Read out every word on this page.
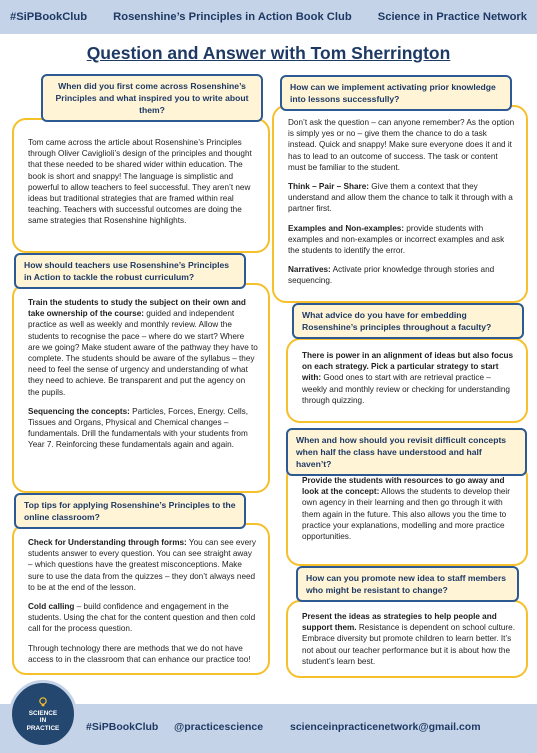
#SiPBookClub Rosenshine’s Principles in Action Book Club Science in Practice Network
Question and Answer with Tom Sherrington
When did you first come across Rosenshine’s Principles and what inspired you to write about them?

Tom came across the article about Rosenshine’s Principles through Oliver Caviglioli’s design of the principles and thought that these needed to be shared wider within education. The book is short and snappy! The language is simplistic and powerful to allow teachers to feel successful. They aren’t new ideas but traditional strategies that are framed within real teaching. Teachers with successful outcomes are doing the same strategies that Rosenshine highlights.

How should teachers use Rosenshine’s Principles in Action to tackle the robust curriculum?

Train the students to study the subject on their own and take ownership of the course: guided and independent practice as well as weekly and monthly review. Allow the students to recognise the pace – where do we start? Where are we going? Make student aware of the pathway they have to complete. The students should be aware of the syllabus – they need to feel the sense of urgency and understanding of what they need to achieve. Be transparent and put the agency on the pupils.

Sequencing the concepts: Particles, Forces, Energy. Cells, Tissues and Organs, Physical and Chemical changes – fundamentals. Drill the fundamentals with your students from Year 7. Reinforcing these fundamentals again and again.

Top tips for applying Rosenshine’s Principles to the online classroom?

Check for Understanding through forms: You can see every students answer to every question. You can see straight away – which questions have the greatest misconceptions. Make sure to use the data from the quizzes – they don’t always need to be at the end of the lesson.

Cold calling – build confidence and engagement in the students. Using the chat for the content question and then cold call for the process question.

Through technology there are methods that we do not have access to in the classroom that can enhance our practice too!

How can we implement activating prior knowledge into lessons successfully?

Don’t ask the question – can anyone remember? As the option is simply yes or no – give them the chance to do a task instead. Quick and snappy! Make sure everyone does it and it has to lead to an outcome of success. The task or content must be familiar to the student.

Think – Pair – Share: Give them a context that they understand and allow them the chance to talk it through with a partner first.

Examples and Non-examples: provide students with examples and non-examples or incorrect examples and ask the students to identify the error.

Narratives: Activate prior knowledge through stories and sequencing.

What advice do you have for embedding Rosenshine’s principles throughout a faculty?

There is power in an alignment of ideas but also focus on each strategy. Pick a particular strategy to start with: Good ones to start with are retrieval practice – weekly and monthly review or checking for understanding through quizzing.

When and how should you revisit difficult concepts when half the class have understood and half haven’t?

Provide the students with resources to go away and look at the concept: Allows the students to develop their own agency in their learning and then go through it with them again in the future. This also allows you the time to practice your explanations, modelling and more practice opportunities.

How can you promote new idea to staff members who might be resistant to change?

Present the ideas as strategies to help people and support them. Resistance is dependent on school culture. Embrace diversity but promote children to learn better. It’s not about our teacher performance but it is about how the student’s learn best.

SCIENCE
IN
PRACTICE	#SiPBookClub @practicescience	scienceinpracticenetwork@gmail.com
